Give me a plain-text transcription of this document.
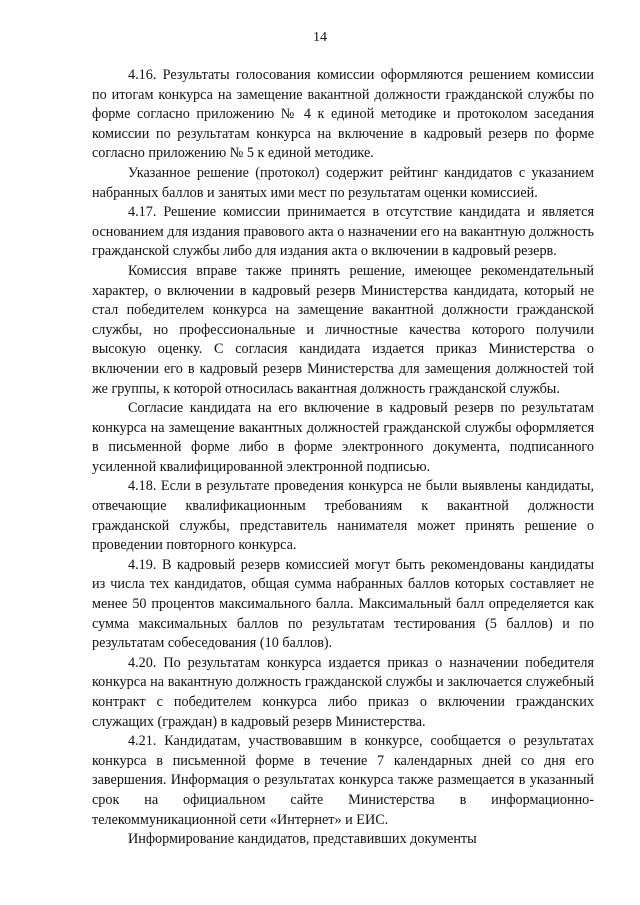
14

4.16. Результаты голосования комиссии оформляются решением комиссии по итогам конкурса на замещение вакантной должности гражданской службы по форме согласно приложению № 4 к единой методике и протоколом заседания комиссии по результатам конкурса на включение в кадровый резерв по форме согласно приложению № 5 к единой методике.

Указанное решение (протокол) содержит рейтинг кандидатов с указанием набранных баллов и занятых ими мест по результатам оценки комиссией.

4.17. Решение комиссии принимается в отсутствие кандидата и является основанием для издания правового акта о назначении его на вакантную должность гражданской службы либо для издания акта о включении в кадровый резерв.

Комиссия вправе также принять решение, имеющее рекомендательный характер, о включении в кадровый резерв Министерства кандидата, который не стал победителем конкурса на замещение вакантной должности гражданской службы, но профессиональные и личностные качества которого получили высокую оценку. С согласия кандидата издается приказ Министерства о включении его в кадровый резерв Министерства для замещения должностей той же группы, к которой относилась вакантная должность гражданской службы.

Согласие кандидата на его включение в кадровый резерв по результатам конкурса на замещение вакантных должностей гражданской службы оформляется в письменной форме либо в форме электронного документа, подписанного усиленной квалифицированной электронной подписью.

4.18. Если в результате проведения конкурса не были выявлены кандидаты, отвечающие квалификационным требованиям к вакантной должности гражданской службы, представитель нанимателя может принять решение о проведении повторного конкурса.

4.19. В кадровый резерв комиссией могут быть рекомендованы кандидаты из числа тех кандидатов, общая сумма набранных баллов которых составляет не менее 50 процентов максимального балла. Максимальный балл определяется как сумма максимальных баллов по результатам тестирования (5 баллов) и по результатам собеседования (10 баллов).

4.20. По результатам конкурса издается приказ о назначении победителя конкурса на вакантную должность гражданской службы и заключается служебный контракт с победителем конкурса либо приказ о включении гражданских служащих (граждан) в кадровый резерв Министерства.

4.21. Кандидатам, участвовавшим в конкурсе, сообщается о результатах конкурса в письменной форме в течение 7 календарных дней со дня его завершения. Информация о результатах конкурса также размещается в указанный срок на официальном сайте Министерства в информационно-телекоммуникационной сети «Интернет» и ЕИС.

Информирование кандидатов, представивших документы
